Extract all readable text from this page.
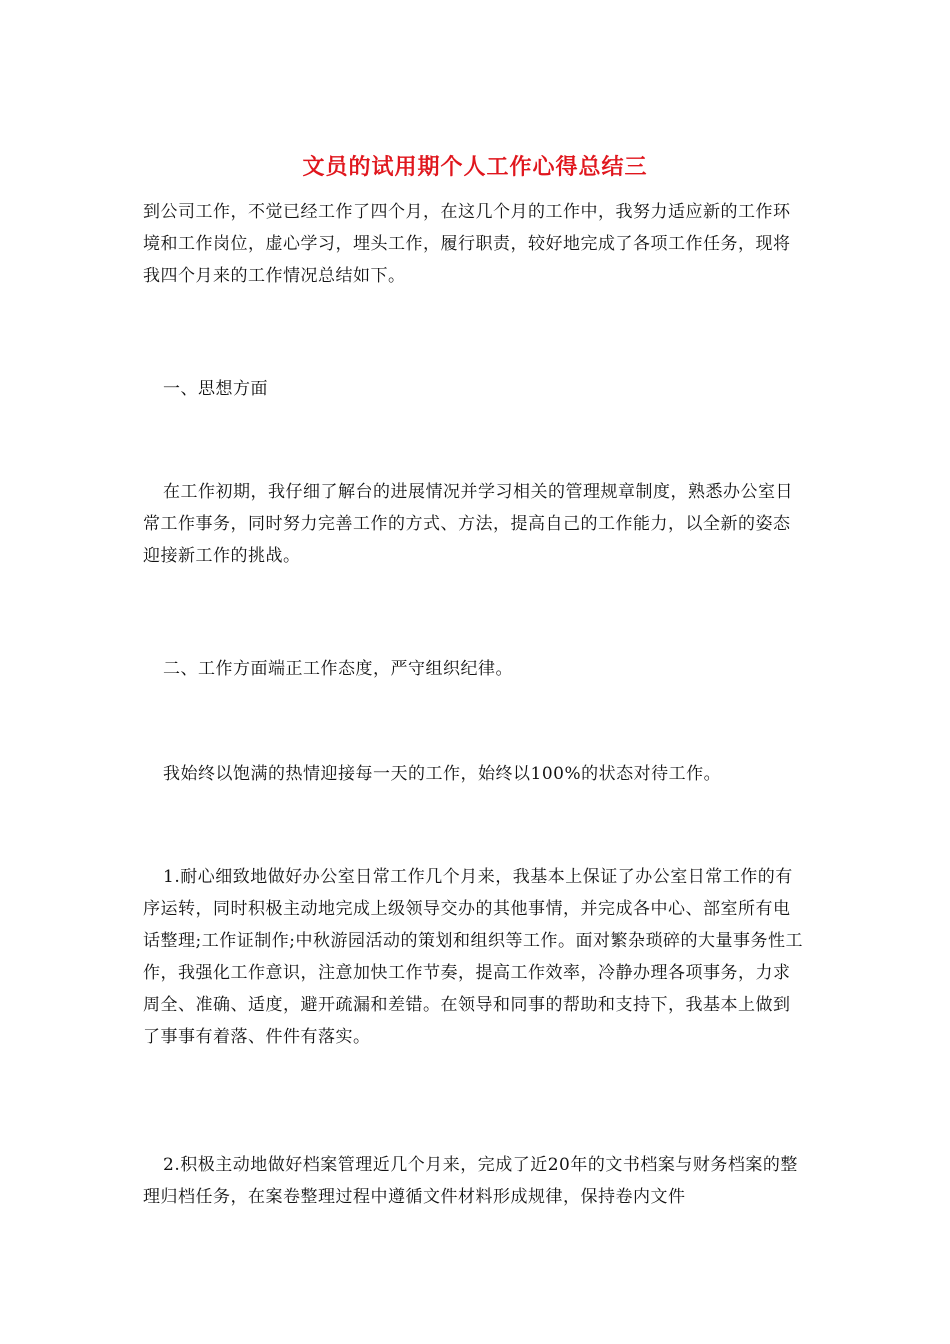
文员的试用期个人工作心得总结三

到公司工作，不觉已经工作了四个月，在这几个月的工作中，我努力适应新的工作环境和工作岗位，虚心学习，埋头工作，履行职责，较好地完成了各项工作任务，现将我四个月来的工作情况总结如下。

一、思想方面

在工作初期，我仔细了解台的进展情况并学习相关的管理规章制度，熟悉办公室日常工作事务，同时努力完善工作的方式、方法，提高自己的工作能力，以全新的姿态迎接新工作的挑战。

二、工作方面端正工作态度，严守组织纪律。

我始终以饱满的热情迎接每一天的工作，始终以100%的状态对待工作。

1.耐心细致地做好办公室日常工作几个月来，我基本上保证了办公室日常工作的有序运转，同时积极主动地完成上级领导交办的其他事情，并完成各中心、部室所有电话整理;工作证制作;中秋游园活动的策划和组织等工作。面对繁杂琐碎的大量事务性工作，我强化工作意识，注意加快工作节奏，提高工作效率，冷静办理各项事务，力求周全、准确、适度，避开疏漏和差错。在领导和同事的帮助和支持下，我基本上做到了事事有着落、件件有落实。

2.积极主动地做好档案管理近几个月来，完成了近20年的文书档案与财务档案的整理归档任务，在案卷整理过程中遵循文件材料形成规律，保持卷内文件
